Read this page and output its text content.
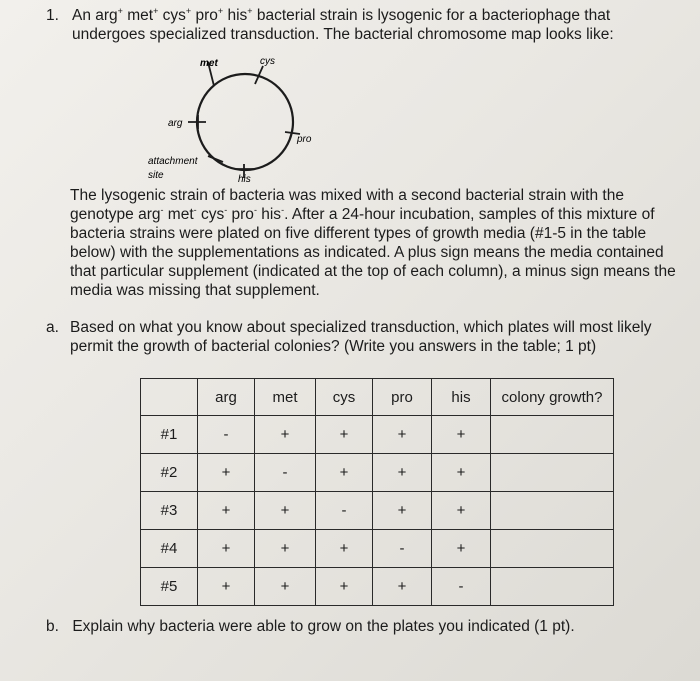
1. An arg+ met+ cys+ pro+ his+ bacterial strain is lysogenic for a bacteriophage that undergoes specialized transduction. The bacterial chromosome map looks like:
met	cys
arg
pro
attachment
site	his

The lysogenic strain of bacteria was mixed with a second bacterial strain with the genotype arg- met- cys- pro- his-. After a 24-hour incubation, samples of this mixture of bacteria strains were plated on five different types of growth media (#1-5 in the table below) with the supplementations as indicated. A plus sign means the media contained that particular supplement (indicated at the top of each column), a minus sign means the media was missing that supplement.

a. Based on what you know about specialized transduction, which plates will most likely permit the growth of bacterial colonies? (Write you answers in the table; 1 pt)
	arg	met	cys	pro	his	colony growth?
#1	-	+	+	+	+	
#2	+	-	+	+	+	
#3	+	+	-	+	+	
#4	+	+	+	-	+	
#5	+	+	+	+	-	
b. Explain why bacteria were able to grow on the plates you indicated (1 pt).
